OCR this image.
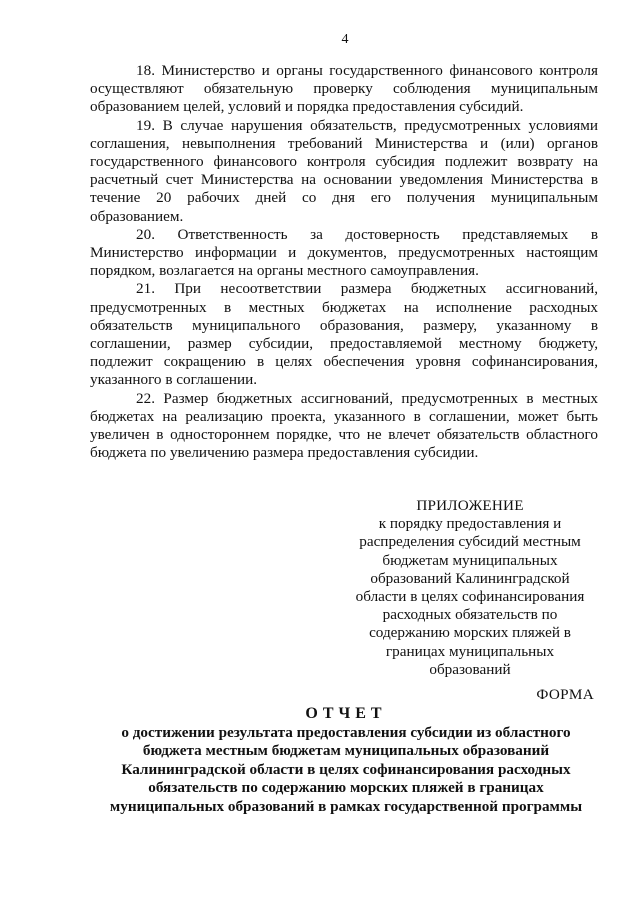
4

18. Министерство и органы государственного финансового контроля осуществляют обязательную проверку соблюдения муниципальным образованием целей, условий и порядка предоставления субсидий.

19. В случае нарушения обязательств, предусмотренных условиями соглашения, невыполнения требований Министерства и (или) органов государственного финансового контроля субсидия подлежит возврату на расчетный счет Министерства на основании уведомления Министерства в течение 20 рабочих дней со дня его получения муниципальным образованием.

20. Ответственность за достоверность представляемых в Министерство информации и документов, предусмотренных настоящим порядком, возлагается на органы местного самоуправления.

21. При несоответствии размера бюджетных ассигнований, предусмотренных в местных бюджетах на исполнение расходных обязательств муниципального образования, размеру, указанному в соглашении, размер субсидии, предоставляемой местному бюджету, подлежит сокращению в целях обеспечения уровня софинансирования, указанного в соглашении.

22. Размер бюджетных ассигнований, предусмотренных в местных бюджетах на реализацию проекта, указанного в соглашении, может быть увеличен в одностороннем порядке, что не влечет обязательств областного бюджета по увеличению размера предоставления субсидии.

ПРИЛОЖЕНИЕ
к порядку предоставления и
распределения субсидий местным
бюджетам муниципальных
образований Калининградской
области в целях софинансирования
расходных обязательств по
содержанию морских пляжей в
границах муниципальных
образований
ФОРМА
ОТЧЕТ
о достижении результата предоставления субсидии из областного
бюджета местным бюджетам муниципальных образований
Калининградской области в целях софинансирования расходных
обязательств по содержанию морских пляжей в границах
муниципальных образований в рамках государственной программы
